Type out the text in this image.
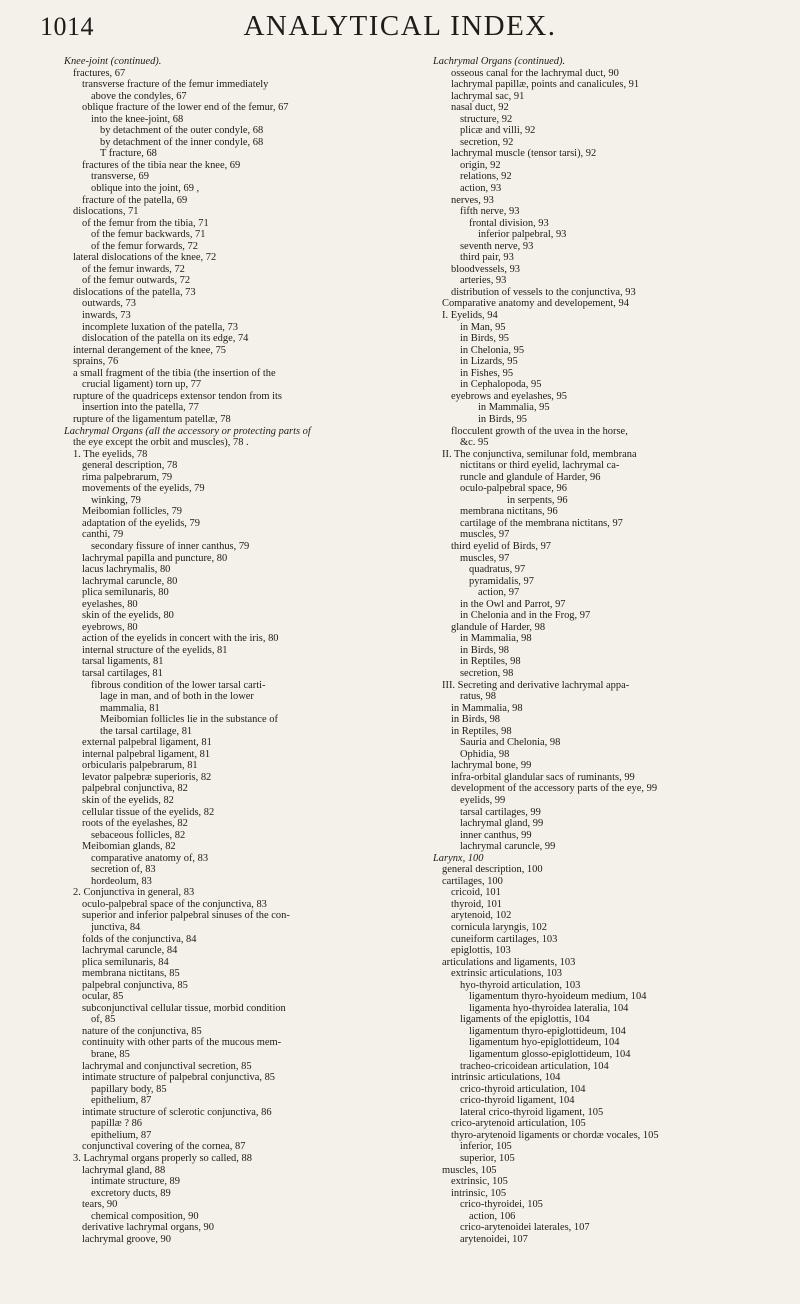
1014	ANALYTICAL INDEX.
Knee-joint (continued).
fractures, 67
transverse fracture of the femur immediately
above the condyles, 67
oblique fracture of the lower end of the femur, 67
into the knee-joint, 68
by detachment of the outer condyle, 68
by detachment of the inner condyle, 68
T fracture, 68
fractures of the tibia near the knee, 69
transverse, 69
oblique into the joint, 69 ,
fracture of the patella, 69
dislocations, 71
of the femur from the tibia, 71
of the femur backwards, 71
of the femur forwards, 72
lateral dislocations of the knee, 72
of the femur inwards, 72
of the femur outwards, 72
dislocations of the patella, 73
outwards, 73
inwards, 73
incomplete luxation of the patella, 73
dislocation of the patella on its edge, 74
internal derangement of the knee, 75
sprains, 76
a small fragment of the tibia (the insertion of the
crucial ligament) torn up, 77
rupture of the quadriceps extensor tendon from its
insertion into the patella, 77
rupture of the ligamentum patellæ, 78
Lachrymal Organs (all the accessory or protecting parts of
the eye except the orbit and muscles), 78 .
1. The eyelids, 78
general description, 78
rima palpebrarum, 79
movements of the eyelids, 79
winking, 79
Meibomian follicles, 79
adaptation of the eyelids, 79
canthi, 79
secondary fissure of inner canthus, 79
lachrymal papilla and puncture, 80
lacus lachrymalis, 80
lachrymal caruncle, 80
plica semilunaris, 80
eyelashes, 80
skin of the eyelids, 80
eyebrows, 80
action of the eyelids in concert with the iris, 80
internal structure of the eyelids, 81
tarsal ligaments, 81
tarsal cartilages, 81
fibrous condition of the lower tarsal carti-
lage in man, and of both in the lower
mammalia, 81
Meibomian follicles lie in the substance of
the tarsal cartilage, 81
external palpebral ligament, 81
internal palpebral ligament, 81
orbicularis palpebrarum, 81
levator palpebræ superioris, 82
palpebral conjunctiva, 82
skin of the eyelids, 82
cellular tissue of the eyelids, 82
roots of the eyelashes, 82
sebaceous follicles, 82
Meibomian glands, 82
comparative anatomy of, 83
secretion of, 83
hordeolum, 83
2. Conjunctiva in general, 83
oculo-palpebral space of the conjunctiva, 83
superior and inferior palpebral sinuses of the con-
junctiva, 84
folds of the conjunctiva, 84
lachrymal caruncle, 84
plica semilunaris, 84
membrana nictitans, 85
palpebral conjunctiva, 85
ocular, 85
subconjunctival cellular tissue, morbid condition
of, 85
nature of the conjunctiva, 85
continuity with other parts of the mucous mem-
brane, 85
lachrymal and conjunctival secretion, 85
intimate structure of palpebral conjunctiva, 85
papillary body, 85
epithelium, 87
intimate structure of sclerotic conjunctiva, 86
papillæ ? 86
epithelium, 87
conjunctival covering of the cornea, 87
3. Lachrymal organs properly so called, 88
lachrymal gland, 88
intimate structure, 89
excretory ducts, 89
tears, 90
chemical composition, 90
derivative lachrymal organs, 90
lachrymal groove, 90
Lachrymal Organs (continued).
osseous canal for the lachrymal duct, 90
lachrymal papillæ, points and canalicules, 91
lachrymal sac, 91
nasal duct, 92
structure, 92
plicæ and villi, 92
secretion, 92
lachrymal muscle (tensor tarsi), 92
origin, 92
relations, 92
action, 93
nerves, 93
fifth nerve, 93
frontal division, 93
inferior palpebral, 93
seventh nerve, 93
third pair, 93
bloodvessels, 93
arteries, 93
distribution of vessels to the conjunctiva, 93
Comparative anatomy and developement, 94
I. Eyelids, 94
in Man, 95
in Birds, 95
in Chelonia, 95
in Lizards, 95
in Fishes, 95
in Cephalopoda, 95
eyebrows and eyelashes, 95
in Mammalia, 95
in Birds, 95
flocculent growth of the uvea in the horse,
&c. 95
II. The conjunctiva, semilunar fold, membrana
nictitans or third eyelid, lachrymal ca-
runcle and glandule of Harder, 96
oculo-palpebral space, 96
in serpents, 96
membrana nictitans, 96
cartilage of the membrana nictitans, 97
muscles, 97
third eyelid of Birds, 97
muscles, 97
quadratus, 97
pyramidalis, 97
action, 97
in the Owl and Parrot, 97
in Chelonia and in the Frog, 97
glandule of Harder, 98
in Mammalia, 98
in Birds, 98
in Reptiles, 98
secretion, 98
III. Secreting and derivative lachrymal appa-
ratus, 98
in Mammalia, 98
in Birds, 98
in Reptiles, 98
Sauria and Chelonia, 98
Ophidia, 98
lachrymal bone, 99
infra-orbital glandular sacs of ruminants, 99
development of the accessory parts of the eye, 99
eyelids, 99
tarsal cartilages, 99
lachrymal gland, 99
inner canthus, 99
lachrymal caruncle, 99
Larynx, 100
general description, 100
cartilages, 100
cricoid, 101
thyroid, 101
arytenoid, 102
cornicula laryngis, 102
cuneiform cartilages, 103
epiglottis, 103
articulations and ligaments, 103
extrinsic articulations, 103
hyo-thyroid articulation, 103
ligamentum thyro-hyoideum medium, 104
ligamenta hyo-thyroidea lateralia, 104
ligaments of the epiglottis, 104
ligamentum thyro-epiglottideum, 104
ligamentum hyo-epiglottideum, 104
ligamentum glosso-epiglottideum, 104
tracheo-cricoidean articulation, 104
intrinsic articulations, 104
crico-thyroid articulation, 104
crico-thyroid ligament, 104
lateral crico-thyroid ligament, 105
crico-arytenoid articulation, 105
thyro-arytenoid ligaments or chordæ vocales, 105
inferior, 105
superior, 105
muscles, 105
extrinsic, 105
intrinsic, 105
crico-thyroidei, 105
action, 106
crico-arytenoidei laterales, 107
arytenoidei, 107
